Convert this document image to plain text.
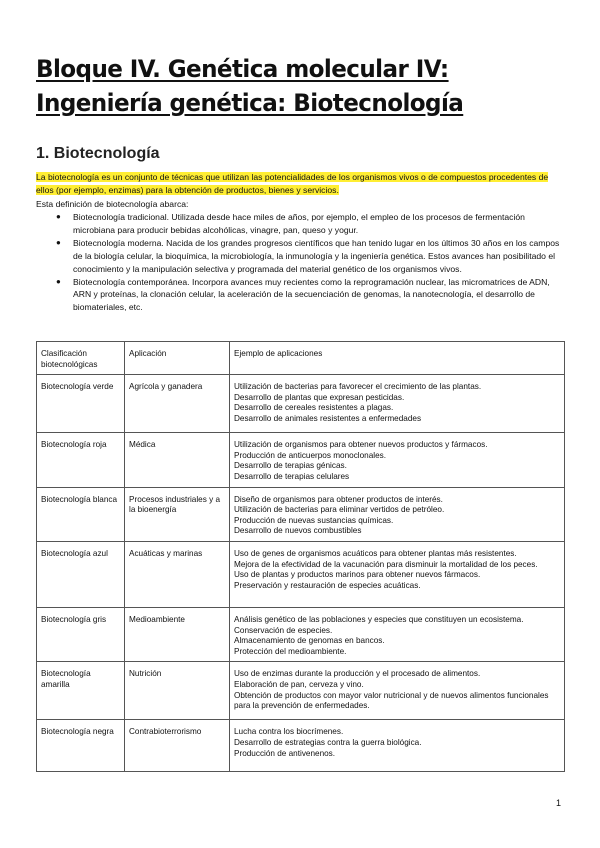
Bloque IV. Genética molecular IV: Ingeniería genética: Biotecnología
1. Biotecnología
La biotecnología es un conjunto de técnicas que utilizan las potencialidades de los organismos vivos o de compuestos procedentes de ellos (por ejemplo, enzimas) para la obtención de productos, bienes y servicios.
Esta definición de biotecnología abarca:
● Biotecnología tradicional. Utilizada desde hace miles de años, por ejemplo, el empleo de los procesos de fermentación microbiana para producir bebidas alcohólicas, vinagre, pan, queso y yogur.
● Biotecnología moderna. Nacida de los grandes progresos científicos que han tenido lugar en los últimos 30 años en los campos de la biología celular, la bioquímica, la microbiología, la inmunología y la ingeniería genética. Estos avances han posibilitado el conocimiento y la manipulación selectiva y programada del material genético de los organismos vivos.
● Biotecnología contemporánea. Incorpora avances muy recientes como la reprogramación nuclear, las micromatrices de ADN, ARN y proteínas, la clonación celular, la aceleración de la secuenciación de genomas, la nanotecnología, el desarrollo de biomateriales, etc.
Clasificación biotecnológicas	Aplicación	Ejemplo de aplicaciones
Biotecnología verde	Agrícola y ganadera	Utilización de bacterias para favorecer el crecimiento de las plantas.
Desarrollo de plantas que expresan pesticidas.
Desarrollo de cereales resistentes a plagas.
Desarrollo de animales resistentes a enfermedades

Biotecnología roja	Médica	Utilización de organismos para obtener nuevos productos y fármacos.
Producción de anticuerpos monoclonales.
Desarrollo de terapias génicas.
Desarrollo de terapias celulares

Biotecnología blanca	Procesos industriales y a la bioenergía	Diseño de organismos para obtener productos de interés.
Utilización de bacterias para eliminar vertidos de petróleo.
Producción de nuevas sustancias químicas.
Desarrollo de nuevos combustibles

Biotecnología azul	Acuáticas y marinas	Uso de genes de organismos acuáticos para obtener plantas más resistentes.
Mejora de la efectividad de la vacunación para disminuir la mortalidad de los peces.
Uso de plantas y productos marinos para obtener nuevos fármacos.
Preservación y restauración de especies acuáticas.

Biotecnología gris	Medioambiente	Análisis genético de las poblaciones y especies que constituyen un ecosistema.
Conservación de especies.
Almacenamiento de genomas en bancos.
Protección del medioambiente.

Biotecnología amarilla	Nutrición	Uso de enzimas durante la producción y el procesado de alimentos.
Elaboración de pan, cerveza y vino.
Obtención de productos con mayor valor nutricional y de nuevos alimentos funcionales para la prevención de enfermedades.

Biotecnología negra	Contrabioterrorismo	Lucha contra los biocrímenes.
Desarrollo de estrategias contra la guerra biológica.
Producción de antivenenos.
1
